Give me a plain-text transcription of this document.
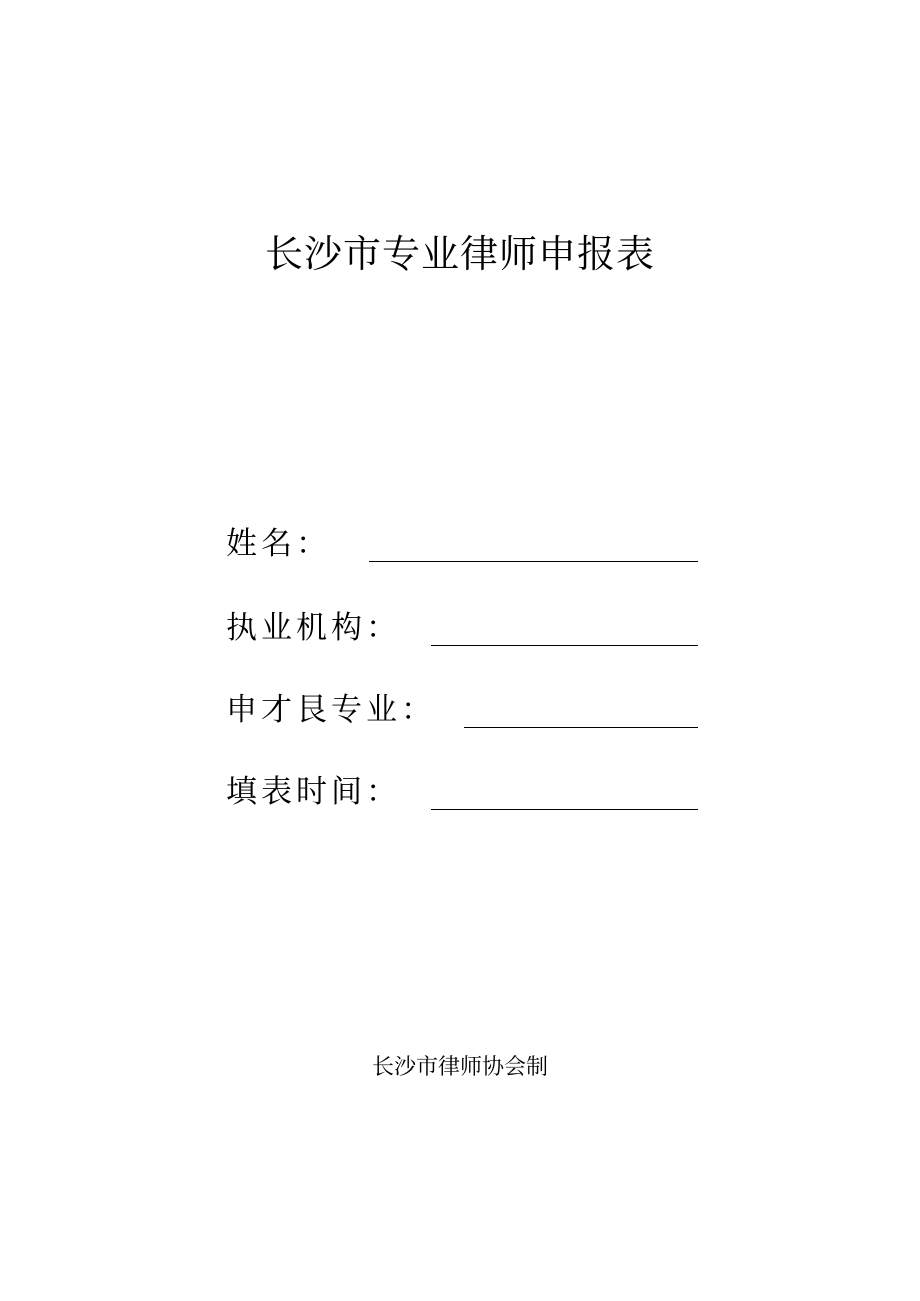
长沙市专业律师申报表
姓名：
执业机构：
申才艮专业：
填表时间：
长沙市律师协会制
